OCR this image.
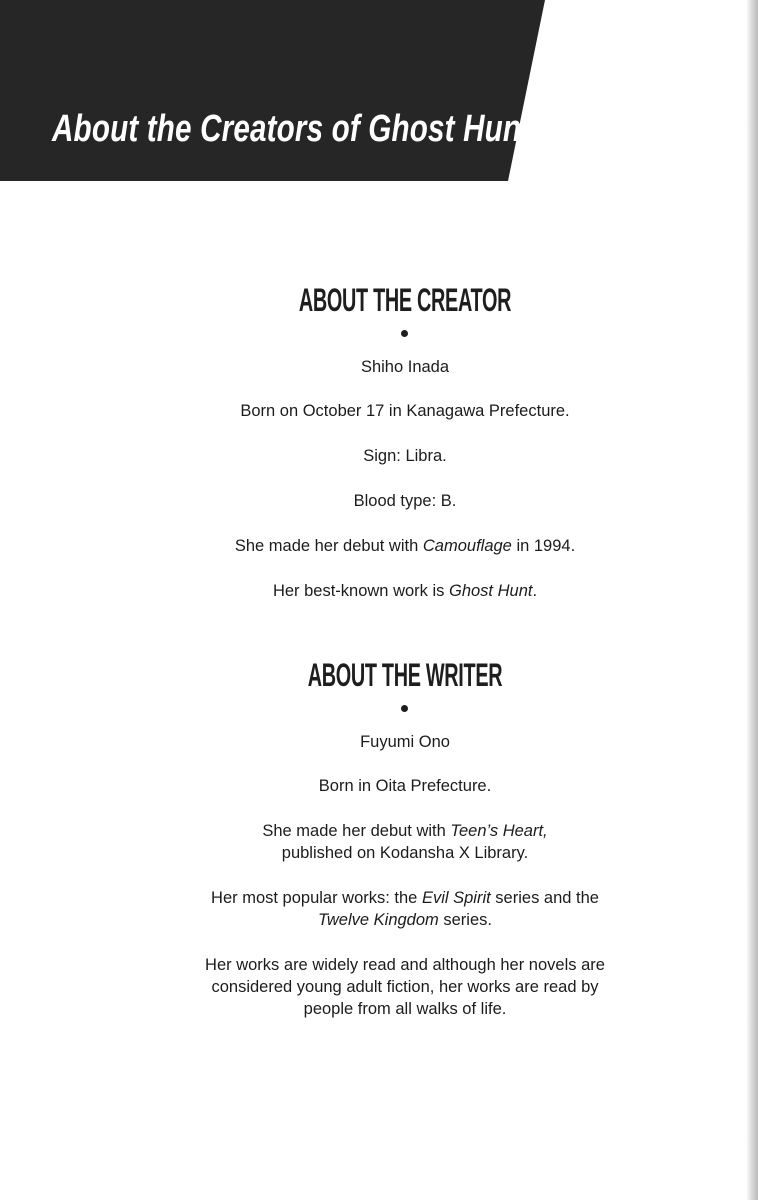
About the Creators of Ghost Hunt
ABOUT THE CREATOR
Shiho Inada
Born on October 17 in Kanagawa Prefecture.
Sign: Libra.
Blood type: B.
She made her debut with Camouflage in 1994.
Her best-known work is Ghost Hunt.
ABOUT THE WRITER
Fuyumi Ono
Born in Oita Prefecture.
She made her debut with Teen’s Heart,
published on Kodansha X Library.
Her most popular works: the Evil Spirit series and the
Twelve Kingdom series.
Her works are widely read and although her novels are
considered young adult fiction, her works are read by
people from all walks of life.
